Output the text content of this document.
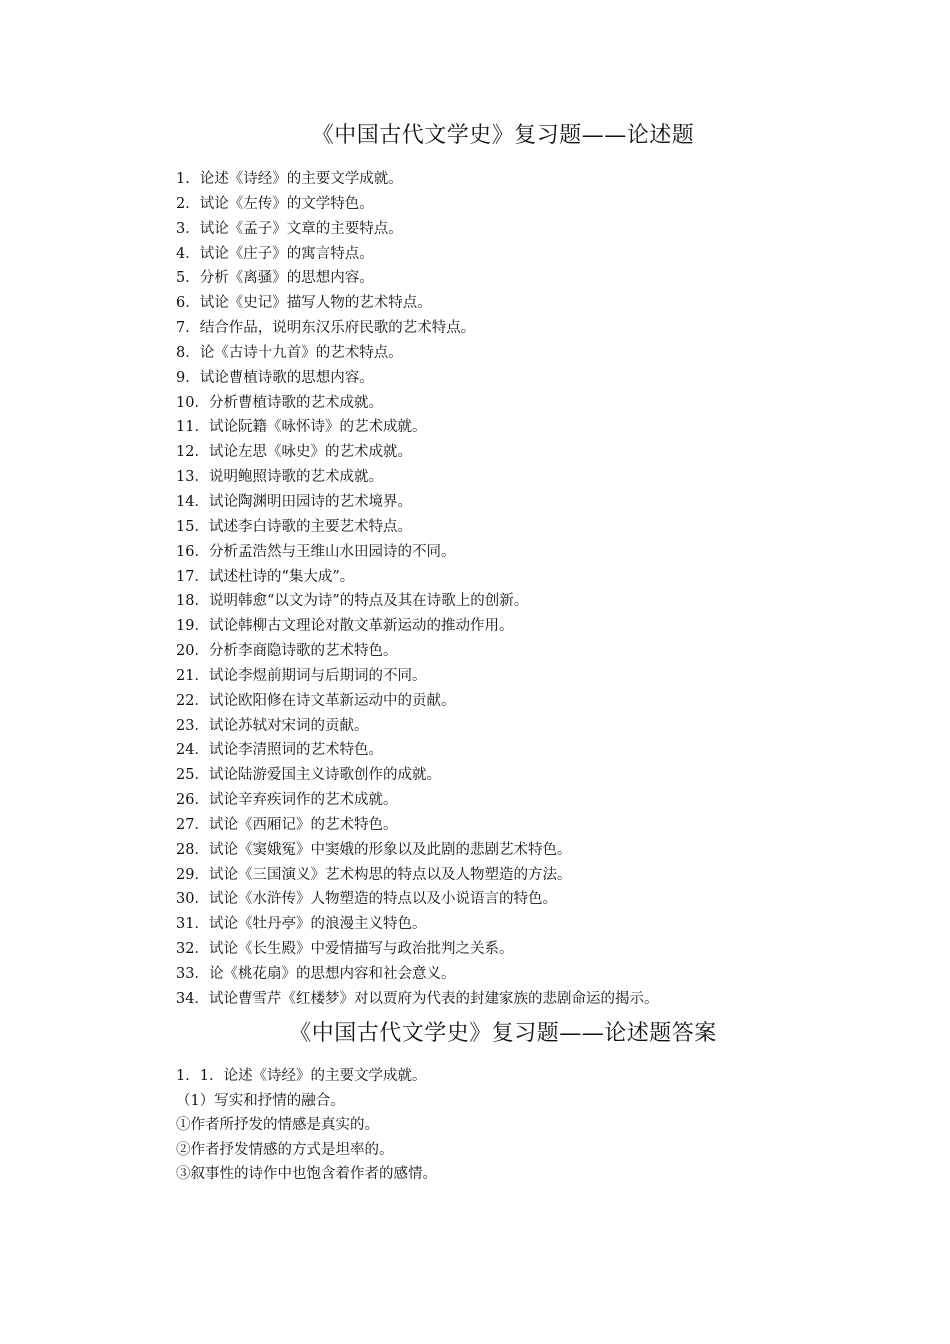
《中国古代文学史》复习题——论述题
1．论述《诗经》的主要文学成就。
2．试论《左传》的文学特色。
3．试论《孟子》文章的主要特点。
4．试论《庄子》的寓言特点。
5．分析《离骚》的思想内容。
6．试论《史记》描写人物的艺术特点。
7．结合作品，说明东汉乐府民歌的艺术特点。
8．论《古诗十九首》的艺术特点。
9．试论曹植诗歌的思想内容。
10．分析曹植诗歌的艺术成就。
11．试论阮籍《咏怀诗》的艺术成就。
12．试论左思《咏史》的艺术成就。
13．说明鲍照诗歌的艺术成就。
14．试论陶渊明田园诗的艺术境界。
15．试述李白诗歌的主要艺术特点。
16．分析孟浩然与王维山水田园诗的不同。
17．试述杜诗的“集大成”。
18．说明韩愈“以文为诗”的特点及其在诗歌上的创新。
19．试论韩柳古文理论对散文革新运动的推动作用。
20．分析李商隐诗歌的艺术特色。
21．试论李煜前期词与后期词的不同。
22．试论欧阳修在诗文革新运动中的贡献。
23．试论苏轼对宋词的贡献。
24．试论李清照词的艺术特色。
25．试论陆游爱国主义诗歌创作的成就。
26．试论辛弃疾词作的艺术成就。
27．试论《西厢记》的艺术特色。
28．试论《窦娥冤》中窦娥的形象以及此剧的悲剧艺术特色。
29．试论《三国演义》艺术构思的特点以及人物塑造的方法。
30．试论《水浒传》人物塑造的特点以及小说语言的特色。
31．试论《牡丹亭》的浪漫主义特色。
32．试论《长生殿》中爱情描写与政治批判之关系。
33．论《桃花扇》的思想内容和社会意义。
34．试论曹雪芹《红楼梦》对以贾府为代表的封建家族的悲剧命运的揭示。
《中国古代文学史》复习题——论述题答案
1．1．论述《诗经》的主要文学成就。
（1）写实和抒情的融合。
①作者所抒发的情感是真实的。
②作者抒发情感的方式是坦率的。
③叙事性的诗作中也饱含着作者的感情。
